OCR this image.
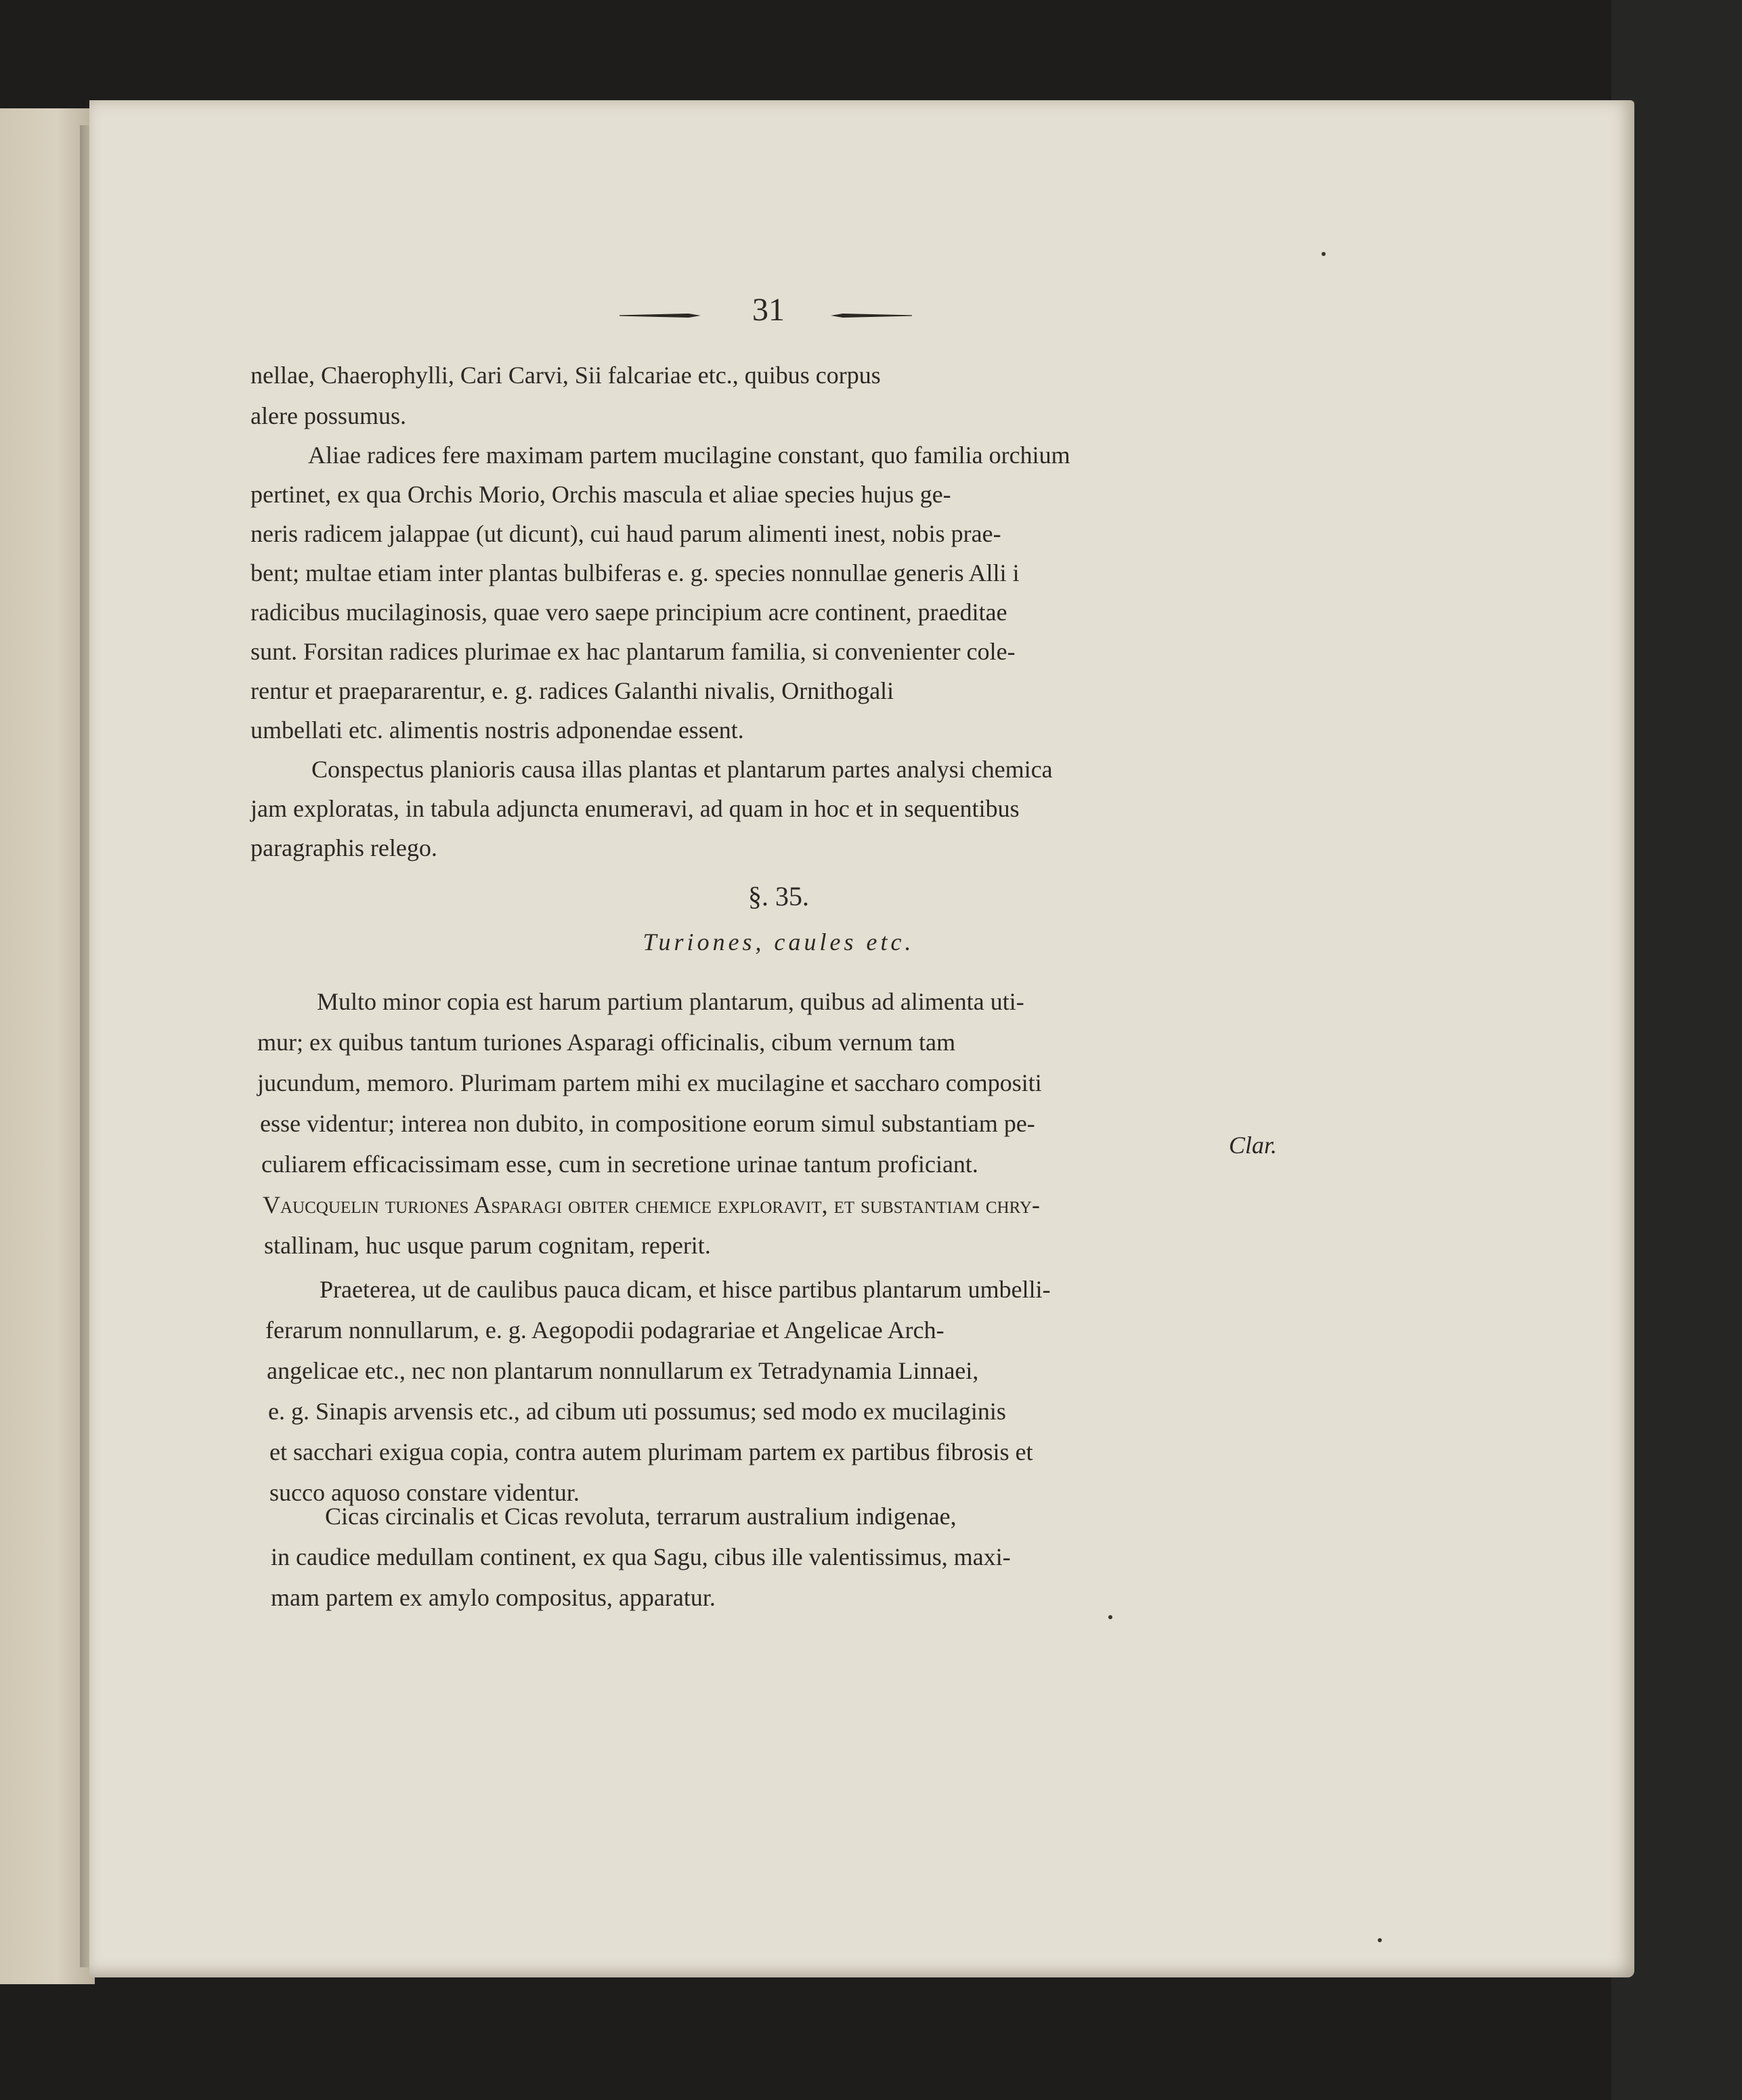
31
nellae, Chaerophylli, Cari Carvi, Sii falcariae etc., quibus corpus
alere possumus.
Aliae radices fere maximam partem mucilagine constant, quo familia orchium
pertinet, ex qua Orchis Morio, Orchis mascula et aliae species hujus ge-
neris radicem jalappae (ut dicunt), cui haud parum alimenti inest, nobis prae-
bent; multae etiam inter plantas bulbiferas e. g. species nonnullae generis Alli i
radicibus mucilaginosis, quae vero saepe principium acre continent, praeditae
sunt. Forsitan radices plurimae ex hac plantarum familia, si convenienter cole-
rentur et praepararentur, e. g. radices Galanthi nivalis, Ornithogali
umbellati etc. alimentis nostris adponendae essent.
Conspectus planioris causa illas plantas et plantarum partes analysi chemica
jam exploratas, in tabula adjuncta enumeravi, ad quam in hoc et in sequentibus
paragraphis relego.
§. 35.
Turiones, caules etc.
Multo minor copia est harum partium plantarum, quibus ad alimenta uti-
mur; ex quibus tantum turiones Asparagi officinalis, cibum vernum tam
jucundum, memoro. Plurimam partem mihi ex mucilagine et saccharo compositi
esse videntur; interea non dubito, in compositione eorum simul substantiam pe-
culiarem efficacissimam esse, cum in secretione urinae tantum proficiant.
Clar.
Vaucquelin turiones Asparagi obiter chemice exploravit, et substantiam chry-
stallinam, huc usque parum cognitam, reperit.
Praeterea, ut de caulibus pauca dicam, et hisce partibus plantarum umbelli-
ferarum nonnullarum, e. g. Aegopodii podagrariae et Angelicae Arch-
angelicae etc., nec non plantarum nonnullarum ex Tetradynamia Linnaei,
e. g. Sinapis arvensis etc., ad cibum uti possumus; sed modo ex mucilaginis
et sacchari exigua copia, contra autem plurimam partem ex partibus fibrosis et
succo aquoso constare videntur.
Cicas circinalis et Cicas revoluta, terrarum australium indigenae,
in caudice medullam continent, ex qua Sagu, cibus ille valentissimus, maxi-
mam partem ex amylo compositus, apparatur.
